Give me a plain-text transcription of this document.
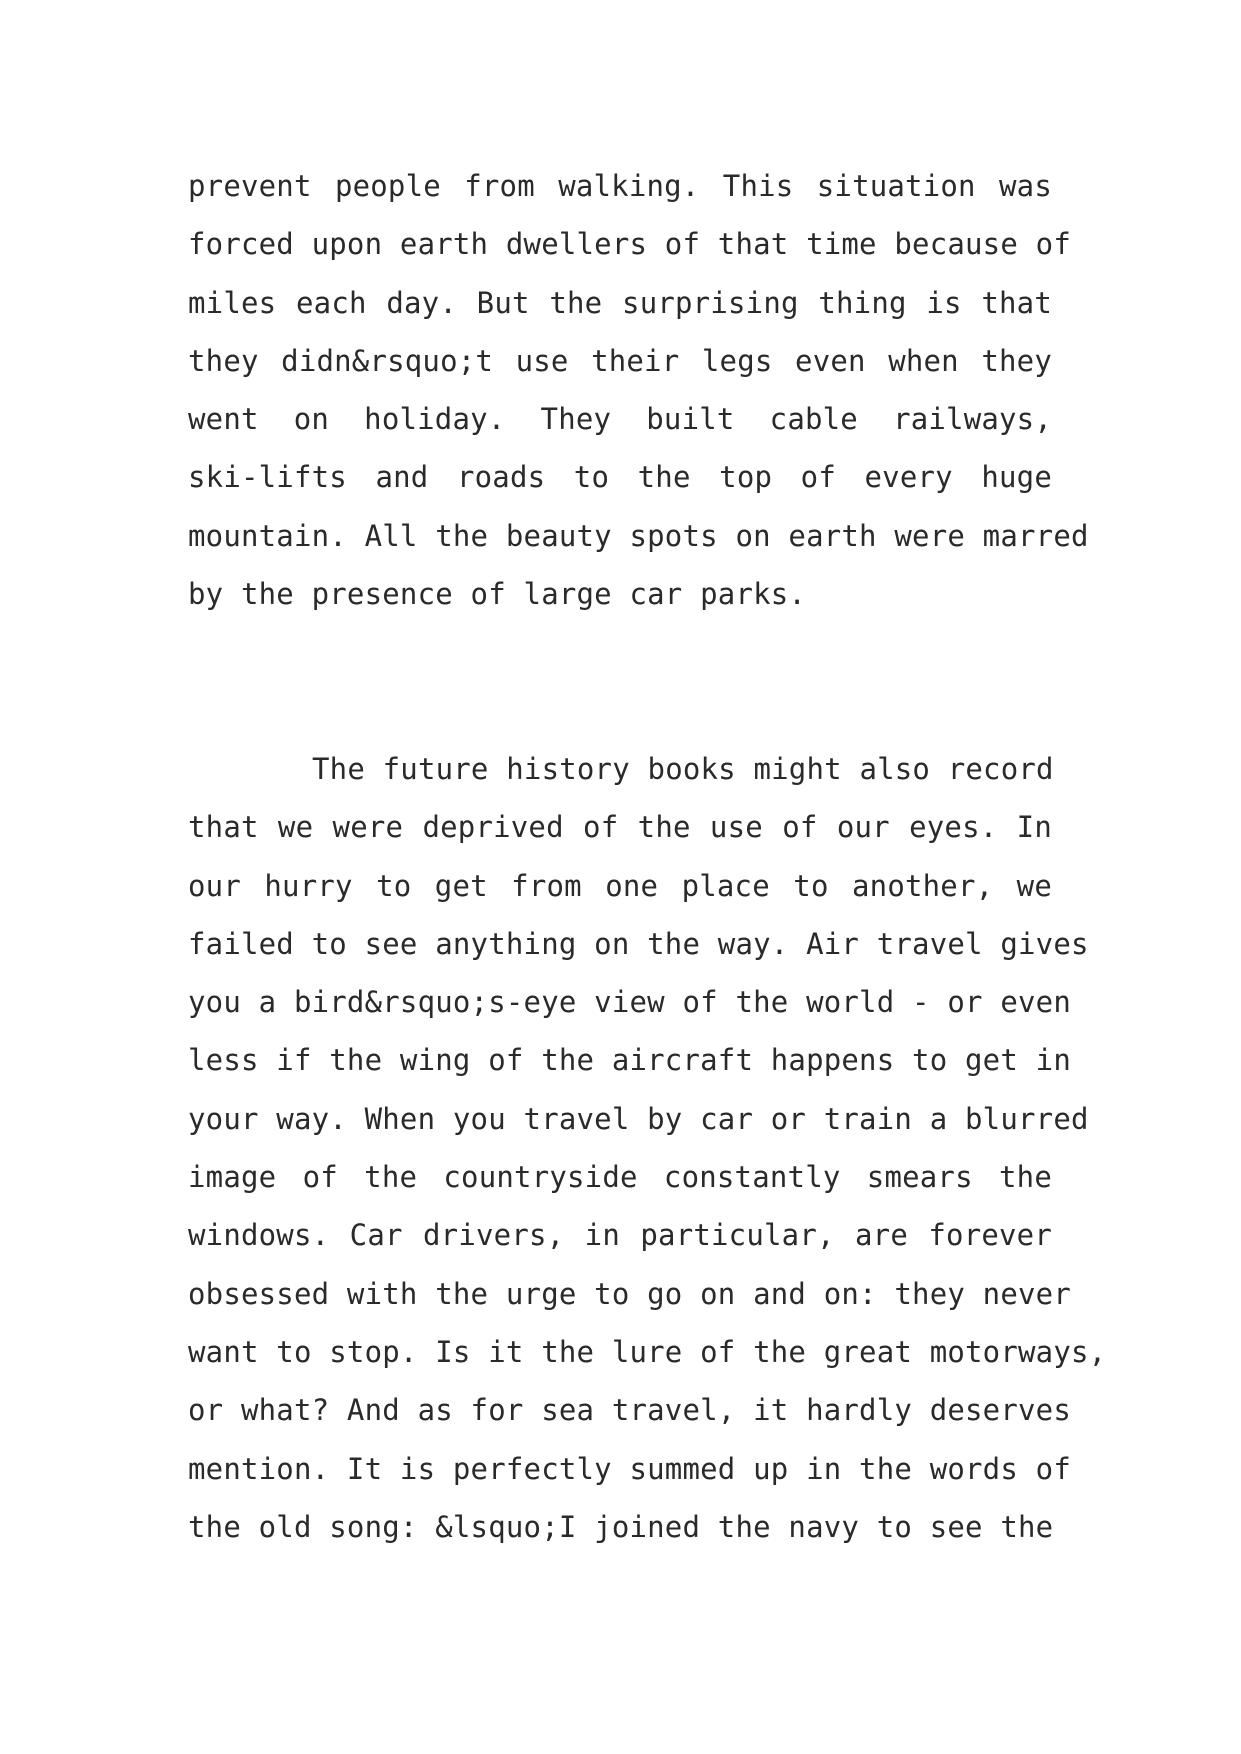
prevent people from walking. This situation was
forced upon earth dwellers of that time because of
miles each day. But the surprising thing is that
they didn&rsquo;t use their legs even when they
went on holiday. They built cable railways,
ski-lifts and roads to the top of every huge
mountain. All the beauty spots on earth were marred
by the presence of large car parks.
The future history books might also record
that we were deprived of the use of our eyes. In
our hurry to get from one place to another, we
failed to see anything on the way. Air travel gives
you a bird&rsquo;s-eye view of the world - or even
less if the wing of the aircraft happens to get in
your way. When you travel by car or train a blurred
image of the countryside constantly smears the
windows. Car drivers, in particular, are forever
obsessed with the urge to go on and on: they never
want to stop. Is it the lure of the great motorways,
or what? And as for sea travel, it hardly deserves
mention. It is perfectly summed up in the words of
the old song: &lsquo;I joined the navy to see the
